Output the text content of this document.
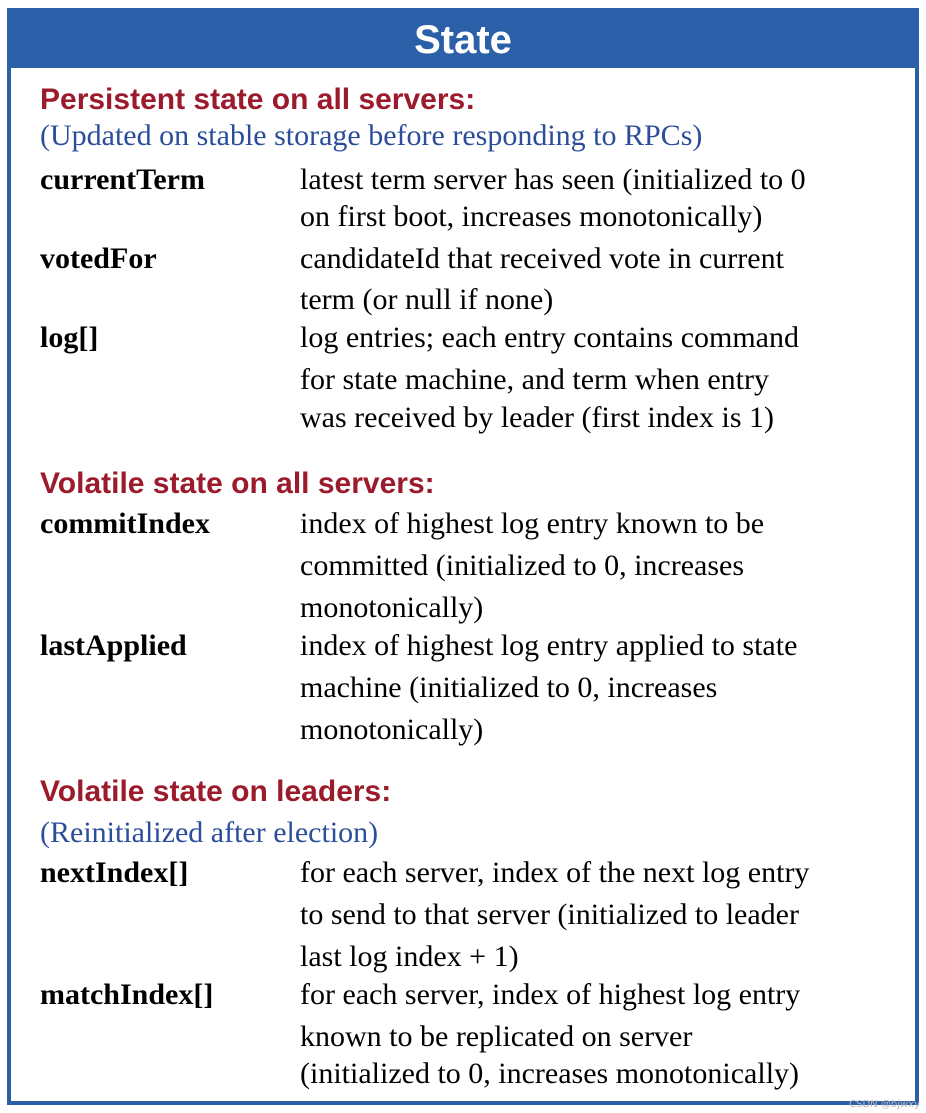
State
Persistent state on all servers:
(Updated on stable storage before responding to RPCs)
currentTerm	latest term server has seen (initialized to 0
on first boot, increases monotonically)
votedFor	candidateId that received vote in current
term (or null if none)
log[]	log entries; each entry contains command
for state machine, and term when entry
was received by leader (first index is 1)
Volatile state on all servers:
commitIndex	index of highest log entry known to be
committed (initialized to 0, increases
monotonically)
lastApplied	index of highest log entry applied to state
machine (initialized to 0, increases
monotonically)
Volatile state on leaders:
(Reinitialized after election)
nextIndex[]	for each server, index of the next log entry
to send to that server (initialized to leader
last log index + 1)
matchIndex[]	for each server, index of highest log entry
known to be replicated on server
(initialized to 0, increases monotonically)
CSDN @bjwxy
